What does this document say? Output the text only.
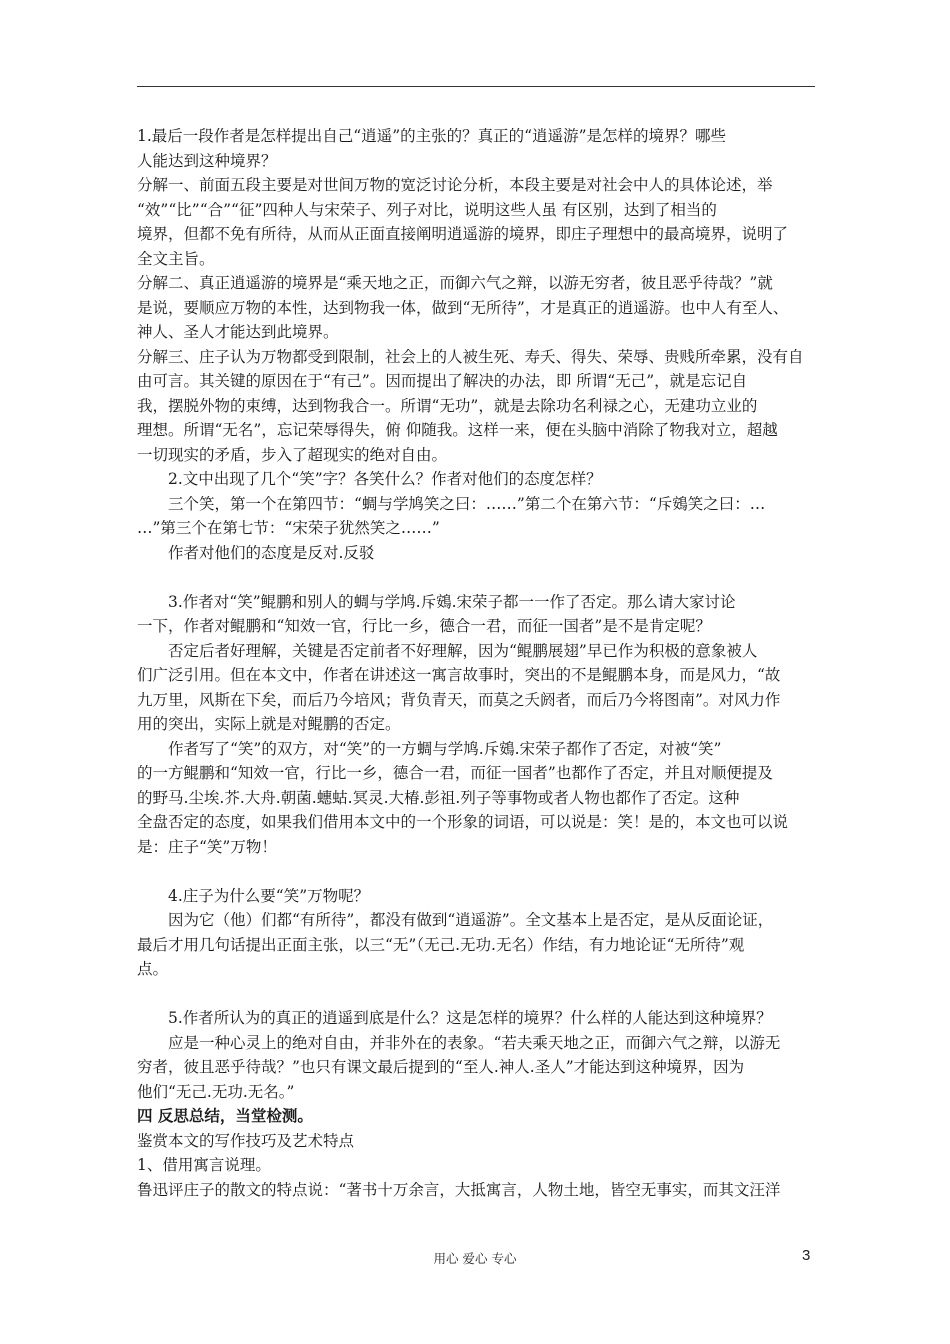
1.最后一段作者是怎样提出自己“逍遥”的主张的？真正的“逍遥游”是怎样的境界？哪些
人能达到这种境界？
分解一、前面五段主要是对世间万物的宽泛讨论分析，本段主要是对社会中人的具体论述，举
“效”“比”“合”“征”四种人与宋荣子、列子对比，说明这些人虽 有区别，达到了相当的
境界，但都不免有所待，从而从正面直接阐明逍遥游的境界，即庄子理想中的最高境界，说明了
全文主旨。
分解二、真正逍遥游的境界是“乘天地之正，而御六气之辩，以游无穷者，彼且恶乎待哉？”就
是说，要顺应万物的本性，达到物我一体，做到“无所待”，才是真正的逍遥游。也中人有至人、
神人、圣人才能达到此境界。
分解三、庄子认为万物都受到限制，社会上的人被生死、寿夭、得失、荣辱、贵贱所牵累，没有自
由可言。其关键的原因在于“有己”。因而提出了解决的办法，即 所谓“无己”，就是忘记自
我，摆脱外物的束缚，达到物我合一。所谓“无功”，就是去除功名利禄之心，无建功立业的
理想。所谓“无名”，忘记荣辱得失，俯 仰随我。这样一来，便在头脑中消除了物我对立，超越
一切现实的矛盾，步入了超现实的绝对自由。
2.文中出现了几个“笑”字？各笑什么？作者对他们的态度怎样？
三个笑，第一个在第四节：“蜩与学鸠笑之曰：……”第二个在第六节：“斥鴳笑之曰：…
…”第三个在第七节：“宋荣子犹然笑之……”
作者对他们的态度是反对.反驳
3.作者对“笑”鲲鹏和别人的蜩与学鸠.斥鴳.宋荣子都一一作了否定。那么请大家讨论
一下，作者对鲲鹏和“知效一官，行比一乡，德合一君，而征一国者”是不是肯定呢？
否定后者好理解，关键是否定前者不好理解，因为“鲲鹏展翅”早已作为积极的意象被人
们广泛引用。但在本文中，作者在讲述这一寓言故事时，突出的不是鲲鹏本身，而是风力，“故
九万里，风斯在下矣，而后乃今培风；背负青天，而莫之夭阏者，而后乃今将图南”。对风力作
用的突出，实际上就是对鲲鹏的否定。
作者写了“笑”的双方，对“笑”的一方蜩与学鸠.斥鴳.宋荣子都作了否定，对被“笑”
的一方鲲鹏和“知效一官，行比一乡，德合一君，而征一国者”也都作了否定，并且对顺便提及
的野马.尘埃.芥.大舟.朝菌.蟪蛄.冥灵.大椿.彭祖.列子等事物或者人物也都作了否定。这种
全盘否定的态度，如果我们借用本文中的一个形象的词语，可以说是：笑！是的，本文也可以说
是：庄子“笑”万物！
4.庄子为什么要“笑”万物呢？
因为它（他）们都“有所待”，都没有做到“逍遥游”。全文基本上是否定，是从反面论证，
最后才用几句话提出正面主张，以三“无”（无己.无功.无名）作结，有力地论证“无所待”观
点。
5.作者所认为的真正的逍遥到底是什么？这是怎样的境界？什么样的人能达到这种境界？
应是一种心灵上的绝对自由，并非外在的表象。“若夫乘天地之正，而御六气之辩，以游无
穷者，彼且恶乎待哉？”也只有课文最后提到的“至人.神人.圣人”才能达到这种境界，因为
他们“无己.无功.无名。”
四 反思总结，当堂检测。
鉴赏本文的写作技巧及艺术特点
1、借用寓言说理。
鲁迅评庄子的散文的特点说：“著书十万余言，大抵寓言，人物土地，皆空无事实，而其文汪洋
用心 爱心 专心	3
